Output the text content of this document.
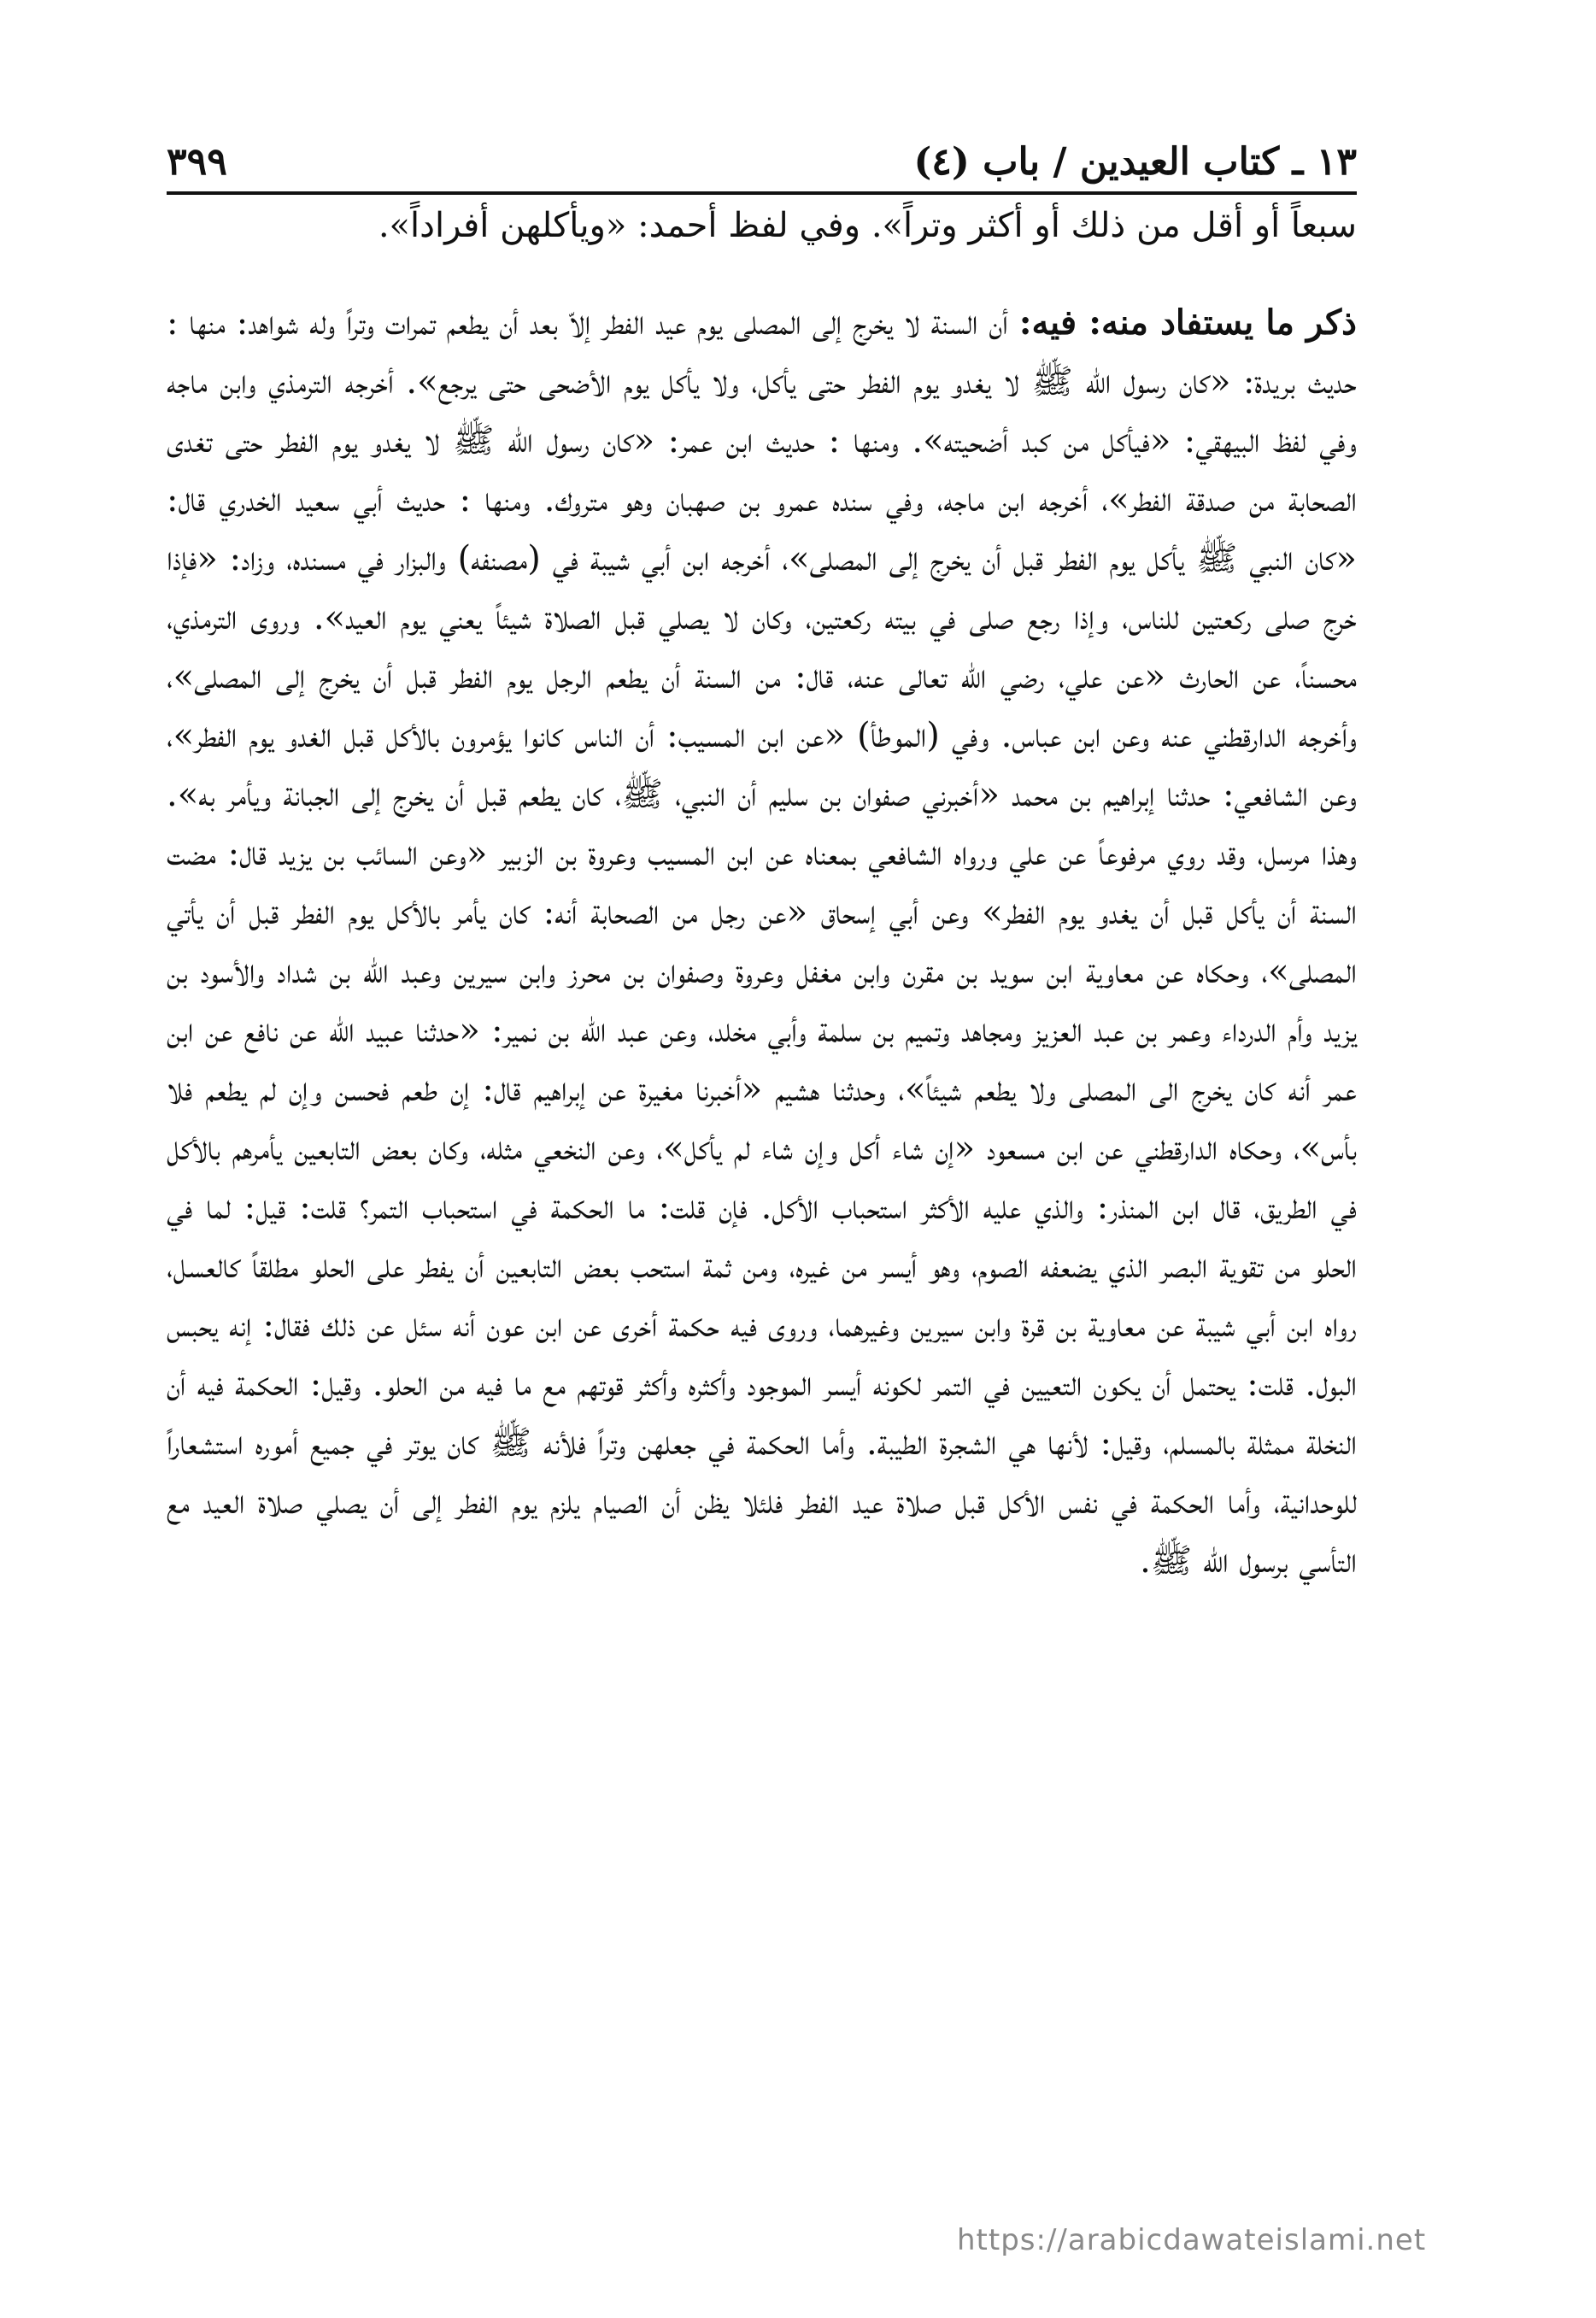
١٣ ـ كتاب العيدين / باب (٤)
٣٩٩

سبعاً أو أقل من ذلك أو أكثر وتراً». وفي لفظ أحمد: «ويأكلهن أفراداً».

ذكر ما يستفاد منه: فيه: أن السنة لا يخرج إلى المصلى يوم عيد الفطر إلاّ بعد أن يطعم تمرات وتراً وله شواهد: منها : حديث بريدة: «كان رسول الله ﷺ لا يغدو يوم الفطر حتى يأكل، ولا يأكل يوم الأضحى حتى يرجع». أخرجه الترمذي وابن ماجه وفي لفظ البيهقي: «فيأكل من كبد أضحيته». ومنها : حديث ابن عمر: «كان رسول الله ﷺ لا يغدو يوم الفطر حتى تغدى الصحابة من صدقة الفطر»، أخرجه ابن ماجه، وفي سنده عمرو بن صهبان وهو متروك. ومنها : حديث أبي سعيد الخدري قال: «كان النبي ﷺ يأكل يوم الفطر قبل أن يخرج إلى المصلى»، أخرجه ابن أبي شيبة في (مصنفه) والبزار في مسنده، وزاد: «فإذا خرج صلى ركعتين للناس، وإذا رجع صلى في بيته ركعتين، وكان لا يصلي قبل الصلاة شيئاً يعني يوم العيد». وروى الترمذي، محسناً، عن الحارث «عن علي، رضي الله تعالى عنه، قال: من السنة أن يطعم الرجل يوم الفطر قبل أن يخرج إلى المصلى»، وأخرجه الدارقطني عنه وعن ابن عباس. وفي (الموطأ) «عن ابن المسيب: أن الناس كانوا يؤمرون بالأكل قبل الغدو يوم الفطر»، وعن الشافعي: حدثنا إبراهيم بن محمد «أخبرني صفوان بن سليم أن النبي، ﷺ، كان يطعم قبل أن يخرج إلى الجبانة ويأمر به». وهذا مرسل، وقد روي مرفوعاً عن علي ورواه الشافعي بمعناه عن ابن المسيب وعروة بن الزبير «وعن السائب بن يزيد قال: مضت السنة أن يأكل قبل أن يغدو يوم الفطر» وعن أبي إسحاق «عن رجل من الصحابة أنه: كان يأمر بالأكل يوم الفطر قبل أن يأتي المصلى»، وحكاه عن معاوية ابن سويد بن مقرن وابن مغفل وعروة وصفوان بن محرز وابن سيرين وعبد الله بن شداد والأسود بن يزيد وأم الدرداء وعمر بن عبد العزيز ومجاهد وتميم بن سلمة وأبي مخلد، وعن عبد الله بن نمير: «حدثنا عبيد الله عن نافع عن ابن عمر أنه كان يخرج الى المصلى ولا يطعم شيئاً»، وحدثنا هشيم «أخبرنا مغيرة عن إبراهيم قال: إن طعم فحسن وإن لم يطعم فلا بأس»، وحكاه الدارقطني عن ابن مسعود «إن شاء أكل وإن شاء لم يأكل»، وعن النخعي مثله، وكان بعض التابعين يأمرهم بالأكل في الطريق، قال ابن المنذر: والذي عليه الأكثر استحباب الأكل. فإن قلت: ما الحكمة في استحباب التمر؟ قلت: قيل: لما في الحلو من تقوية البصر الذي يضعفه الصوم، وهو أيسر من غيره، ومن ثمة استحب بعض التابعين أن يفطر على الحلو مطلقاً كالعسل، رواه ابن أبي شيبة عن معاوية بن قرة وابن سيرين وغيرهما، وروى فيه حكمة أخرى عن ابن عون أنه سئل عن ذلك فقال: إنه يحبس البول. قلت: يحتمل أن يكون التعيين في التمر لكونه أيسر الموجود وأكثره وأكثر قوتهم مع ما فيه من الحلو. وقيل: الحكمة فيه أن النخلة ممثلة بالمسلم، وقيل: لأنها هي الشجرة الطيبة. وأما الحكمة في جعلهن وتراً فلأنه ﷺ كان يوتر في جميع أموره استشعاراً للوحدانية، وأما الحكمة في نفس الأكل قبل صلاة عيد الفطر فلئلا يظن أن الصيام يلزم يوم الفطر إلى أن يصلي صلاة العيد مع التأسي برسول الله ﷺ.

https://arabicdawateislami.net
